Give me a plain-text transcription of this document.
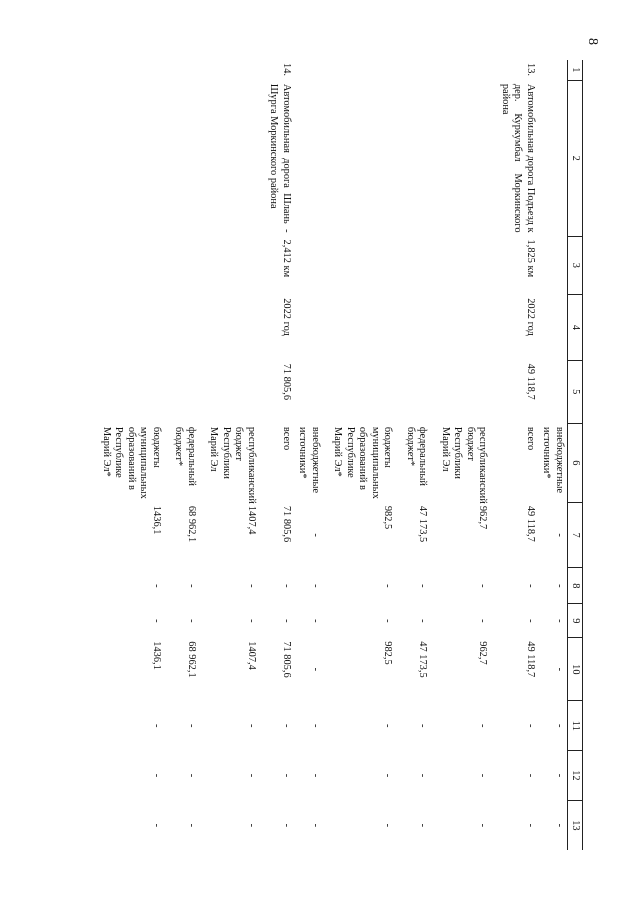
8
1	2	3	4	5	6	7	8	9	10	11	12	13
					внебюджетные источники*	-	-	-	-	-	-	-
13.	Автомобильная дорога Подъезд к дер. Куркумбал Моркинского района	1,825 км	2022 год	49 118,7	всего	49 118,7	-	-	49 118,7	-	-	-
					республиканский бюджет Республики Марий Эл	962,7	-	-	962,7	-	-	-
					федеральный бюджет*	47 173,5	-	-	47 173,5	-	-	-
					бюджеты муниципальных образований в Республике Марий Эл*	982,5	-	-	982,5	-	-	-
					внебюджетные источники*	-	-	-	-	-	-	-
14.	Автомобильная дорога Шлань - Шурга Моркинского района	2,412 км	2022 год	71 805,6	всего	71 805,6	-	-	71 805,6	-	-	-
					республиканский бюджет Республики Марий Эл	1407,4	-	-	1407,4	-	-	-
					федеральный бюджет*	68 962,1	-	-	68 962,1	-	-	-
					бюджеты муниципальных образований в Республике Марий Эл*	1436,1	-	-	1436,1	-	-	-
